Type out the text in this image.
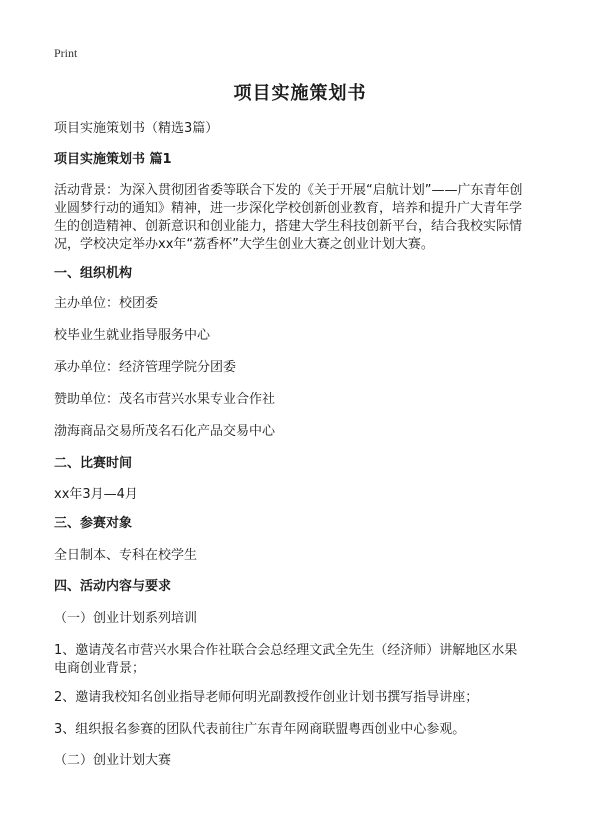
Print
项目实施策划书
项目实施策划书（精选3篇）
项目实施策划书 篇1
活动背景：为深入贯彻团省委等联合下发的《关于开展“启航计划”——广东青年创
业圆梦行动的通知》精神，进一步深化学校创新创业教育，培养和提升广大青年学
生的创造精神、创新意识和创业能力，搭建大学生科技创新平台，结合我校实际情
况，学校决定举办xx年“荔香杯”大学生创业大赛之创业计划大赛。
一、组织机构
主办单位：校团委
校毕业生就业指导服务中心
承办单位：经济管理学院分团委
赞助单位：茂名市营兴水果专业合作社
渤海商品交易所茂名石化产品交易中心
二、比赛时间
xx年3月—4月
三、参赛对象
全日制本、专科在校学生
四、活动内容与要求
（一）创业计划系列培训
1、邀请茂名市营兴水果合作社联合会总经理文武全先生（经济师）讲解地区水果
电商创业背景；
2、邀请我校知名创业指导老师何明光副教授作创业计划书撰写指导讲座；
3、组织报名参赛的团队代表前往广东青年网商联盟粤西创业中心参观。
（二）创业计划大赛
